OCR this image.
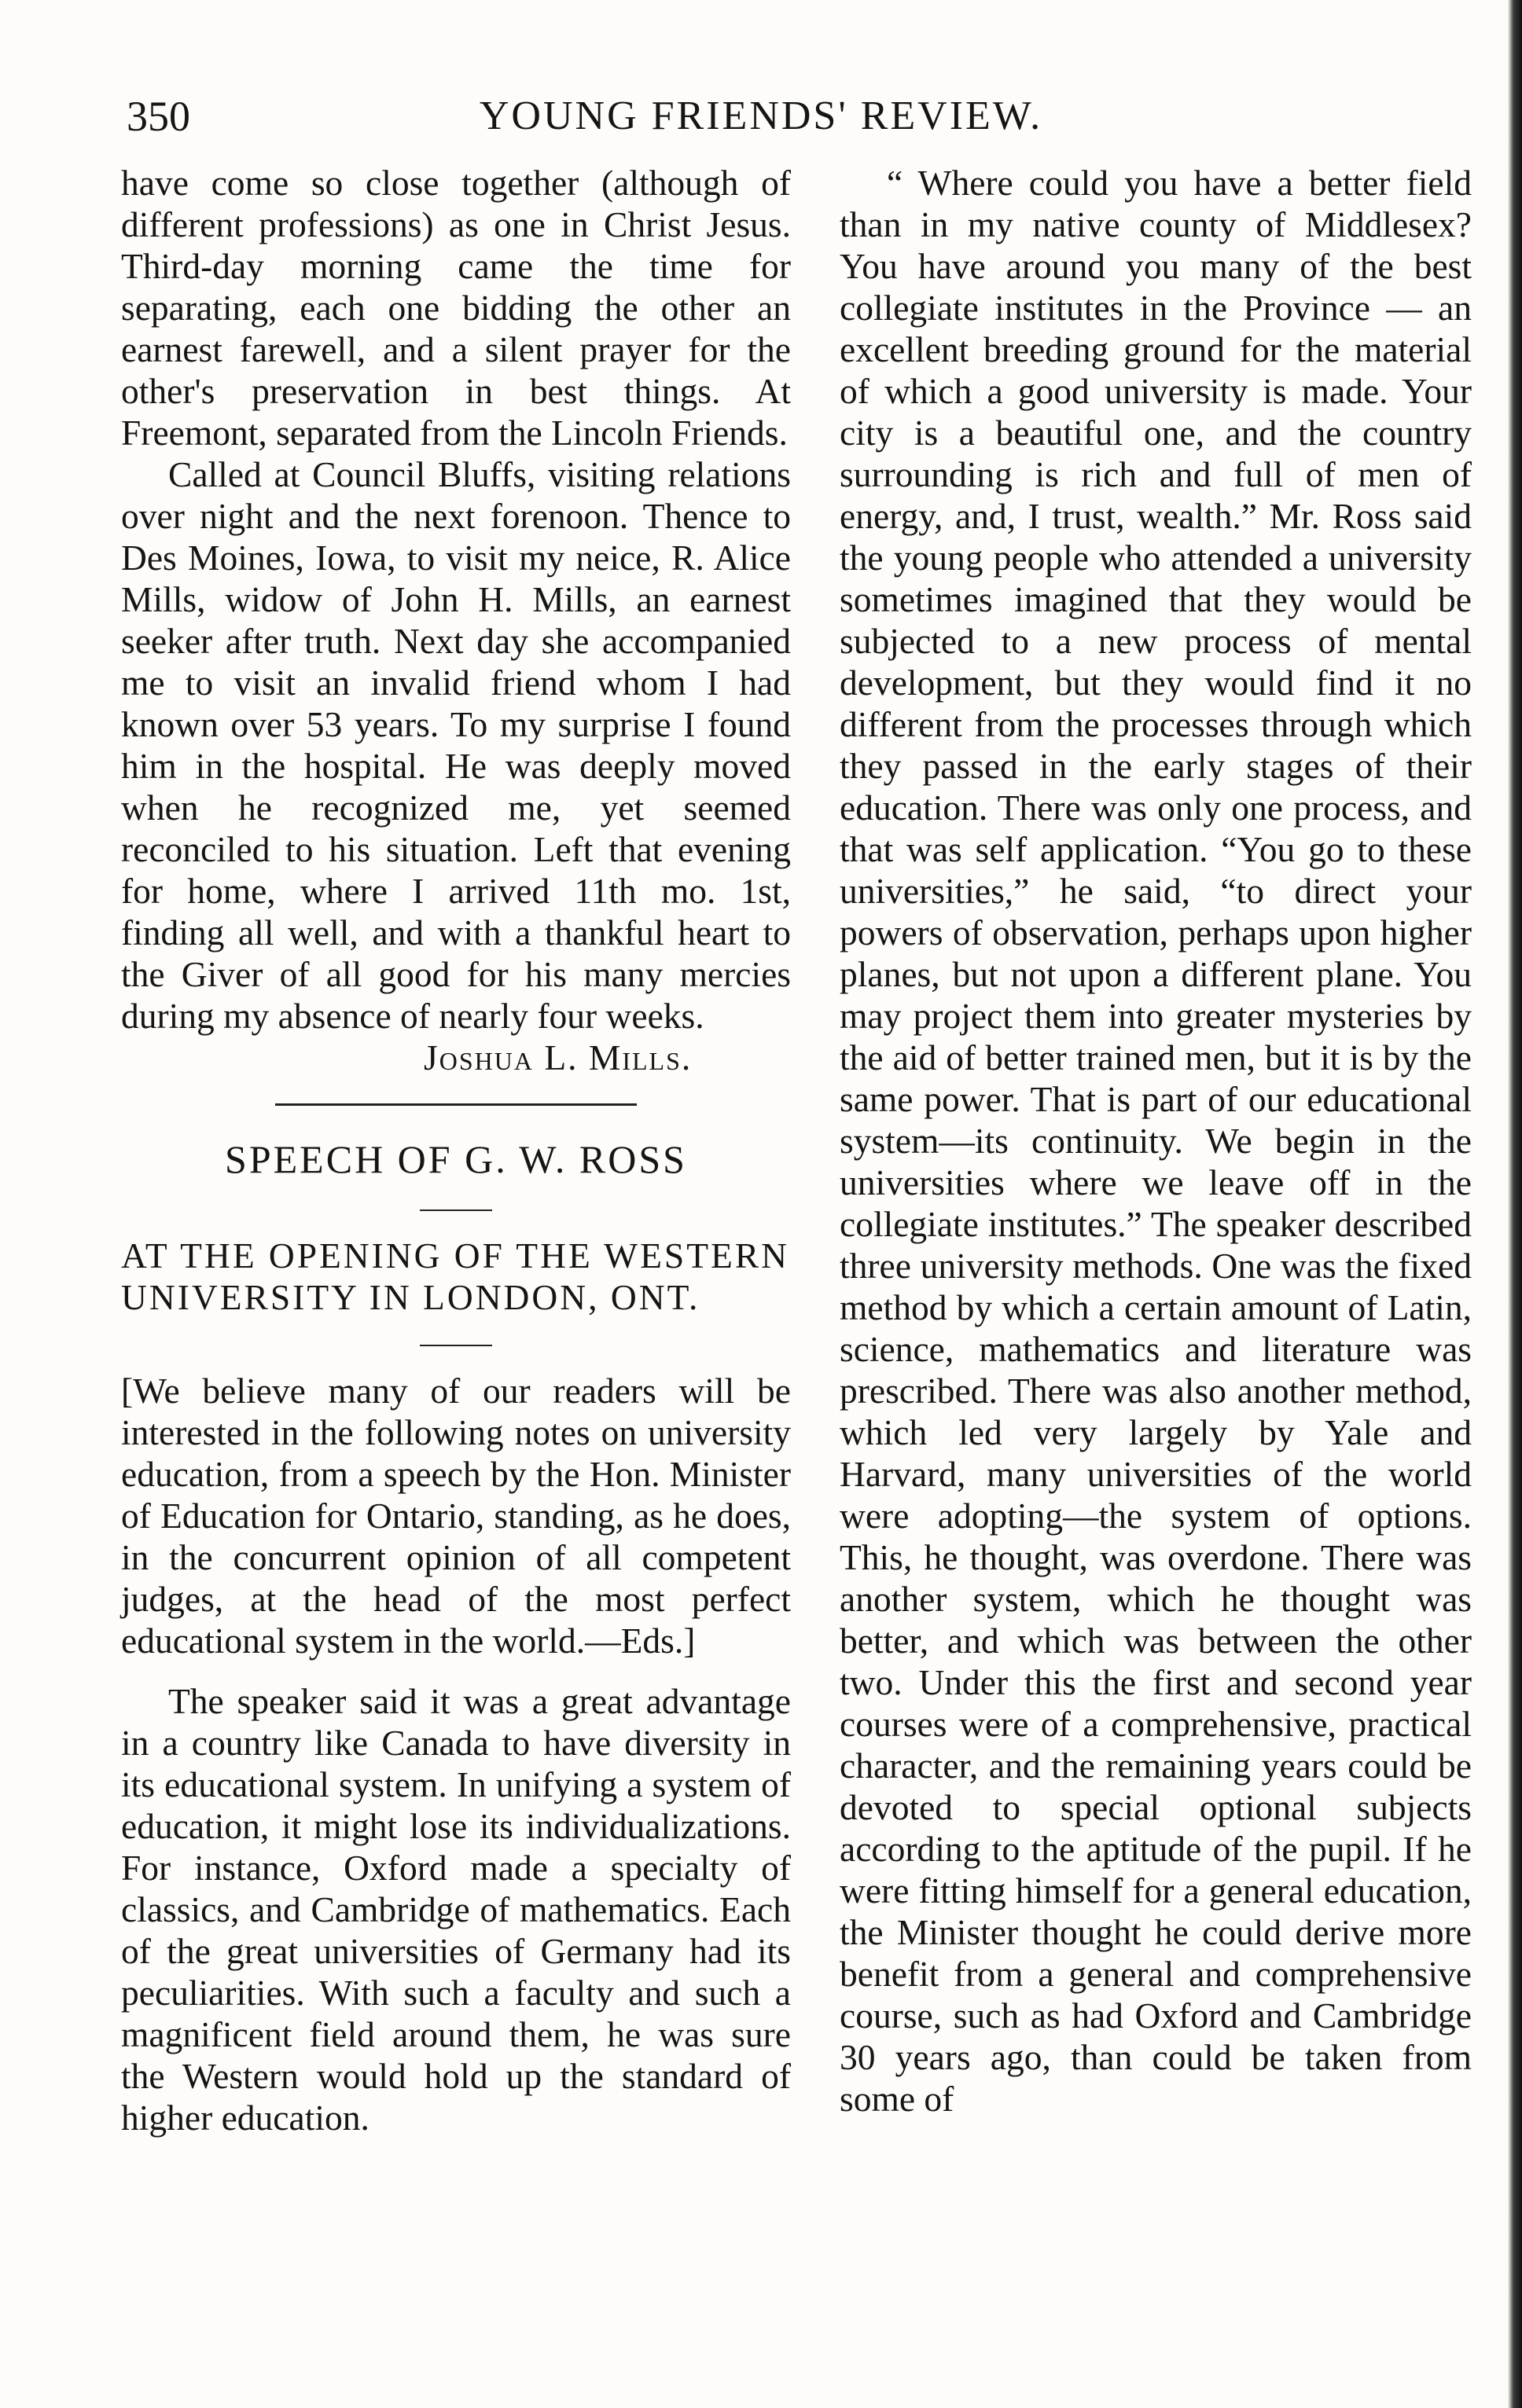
350	YOUNG FRIENDS' REVIEW.

have come so close together (although of different professions) as one in Christ Jesus. Third-day morning came the time for separating, each one bidding the other an earnest farewell, and a silent prayer for the other's preservation in best things. At Freemont, separated from the Lincoln Friends.

Called at Council Bluffs, visiting relations over night and the next forenoon. Thence to Des Moines, Iowa, to visit my neice, R. Alice Mills, widow of John H. Mills, an earnest seeker after truth. Next day she accompanied me to visit an invalid friend whom I had known over 53 years. To my surprise I found him in the hospital. He was deeply moved when he recognized me, yet seemed reconciled to his situation. Left that evening for home, where I arrived 11th mo. 1st, finding all well, and with a thankful heart to the Giver of all good for his many mercies during my absence of nearly four weeks.

Joshua L. Mills.

SPEECH OF G. W. ROSS

AT THE OPENING OF THE WESTERN UNIVERSITY IN LONDON, ONT.

[We believe many of our readers will be interested in the following notes on university education, from a speech by the Hon. Minister of Education for Ontario, standing, as he does, in the concurrent opinion of all competent judges, at the head of the most perfect educational system in the world.—Eds.]

The speaker said it was a great advantage in a country like Canada to have diversity in its educational system. In unifying a system of education, it might lose its individualizations. For instance, Oxford made a specialty of classics, and Cambridge of mathematics. Each of the great universities of Germany had its peculiarities. With such a faculty and such a magnificent field around them, he was sure the Western would hold up the standard of higher education.

“ Where could you have a better field than in my native county of Middlesex? You have around you many of the best collegiate institutes in the Province — an excellent breeding ground for the material of which a good university is made. Your city is a beautiful one, and the country surrounding is rich and full of men of energy, and, I trust, wealth.” Mr. Ross said the young people who attended a university sometimes imagined that they would be subjected to a new process of mental development, but they would find it no different from the processes through which they passed in the early stages of their education. There was only one process, and that was self application. “You go to these universities,” he said, “to direct your powers of observation, perhaps upon higher planes, but not upon a different plane. You may project them into greater mysteries by the aid of better trained men, but it is by the same power. That is part of our educational system—its continuity. We begin in the universities where we leave off in the collegiate institutes.” The speaker described three university methods. One was the fixed method by which a certain amount of Latin, science, mathematics and literature was prescribed. There was also another method, which led very largely by Yale and Harvard, many universities of the world were adopting—the system of options. This, he thought, was overdone. There was another system, which he thought was better, and which was between the other two. Under this the first and second year courses were of a comprehensive, practical character, and the remaining years could be devoted to special optional subjects according to the aptitude of the pupil. If he were fitting himself for a general education, the Minister thought he could derive more benefit from a general and comprehensive course, such as had Oxford and Cambridge 30 years ago, than could be taken from some of
